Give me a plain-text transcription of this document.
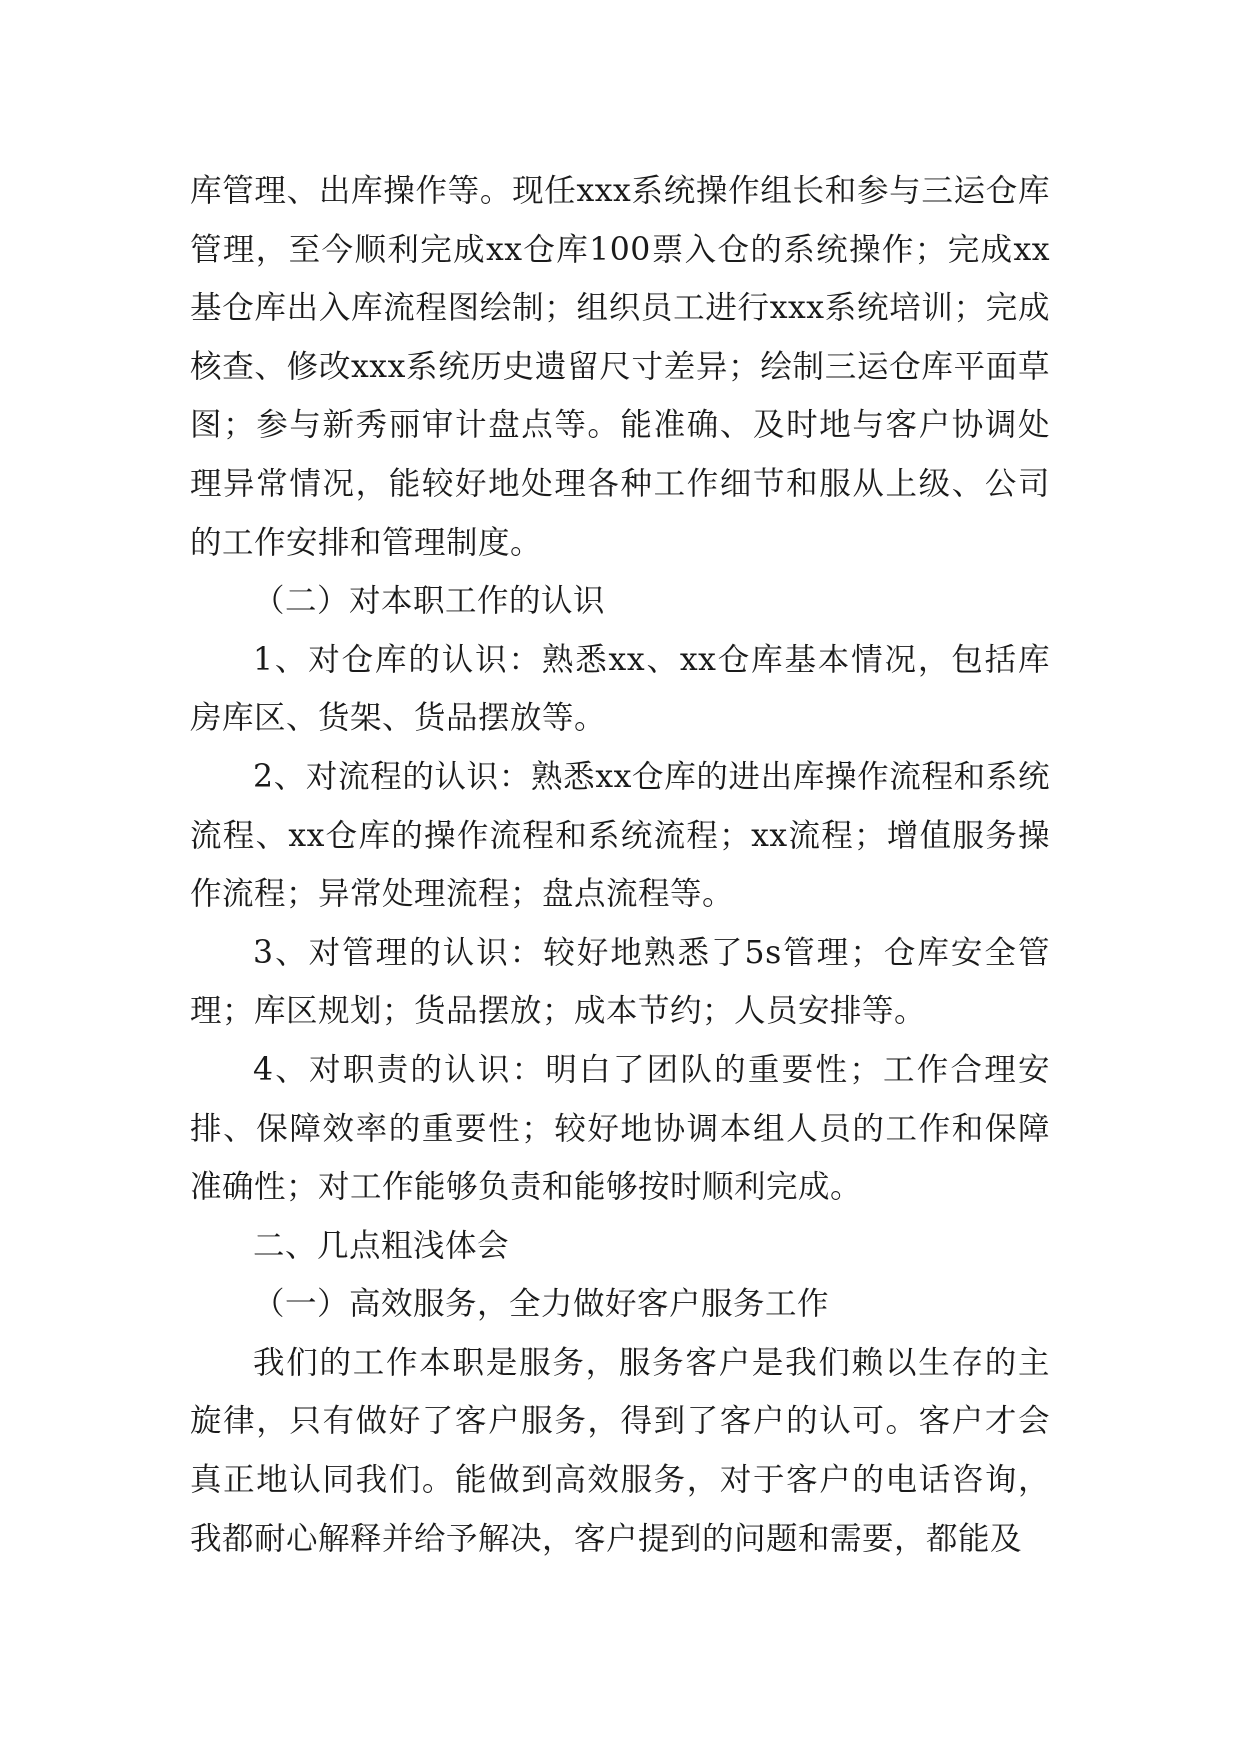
库管理、出库操作等。现任xxx系统操作组长和参与三运仓库管理，至今顺利完成xx仓库100票入仓的系统操作；完成xx基仓库出入库流程图绘制；组织员工进行xxx系统培训；完成核查、修改xxx系统历史遗留尺寸差异；绘制三运仓库平面草图；参与新秀丽审计盘点等。能准确、及时地与客户协调处理异常情况，能较好地处理各种工作细节和服从上级、公司的工作安排和管理制度。

（二）对本职工作的认识

1、对仓库的认识：熟悉xx、xx仓库基本情况，包括库房库区、货架、货品摆放等。

2、对流程的认识：熟悉xx仓库的进出库操作流程和系统流程、xx仓库的操作流程和系统流程；xx流程；增值服务操作流程；异常处理流程；盘点流程等。

3、对管理的认识：较好地熟悉了5s管理；仓库安全管理；库区规划；货品摆放；成本节约；人员安排等。

4、对职责的认识：明白了团队的重要性；工作合理安排、保障效率的重要性；较好地协调本组人员的工作和保障准确性；对工作能够负责和能够按时顺利完成。

二、几点粗浅体会

（一）高效服务，全力做好客户服务工作

我们的工作本职是服务，服务客户是我们赖以生存的主旋律，只有做好了客户服务，得到了客户的认可。客户才会真正地认同我们。能做到高效服务，对于客户的电话咨询，我都耐心解释并给予解决，客户提到的问题和需要，都能及
